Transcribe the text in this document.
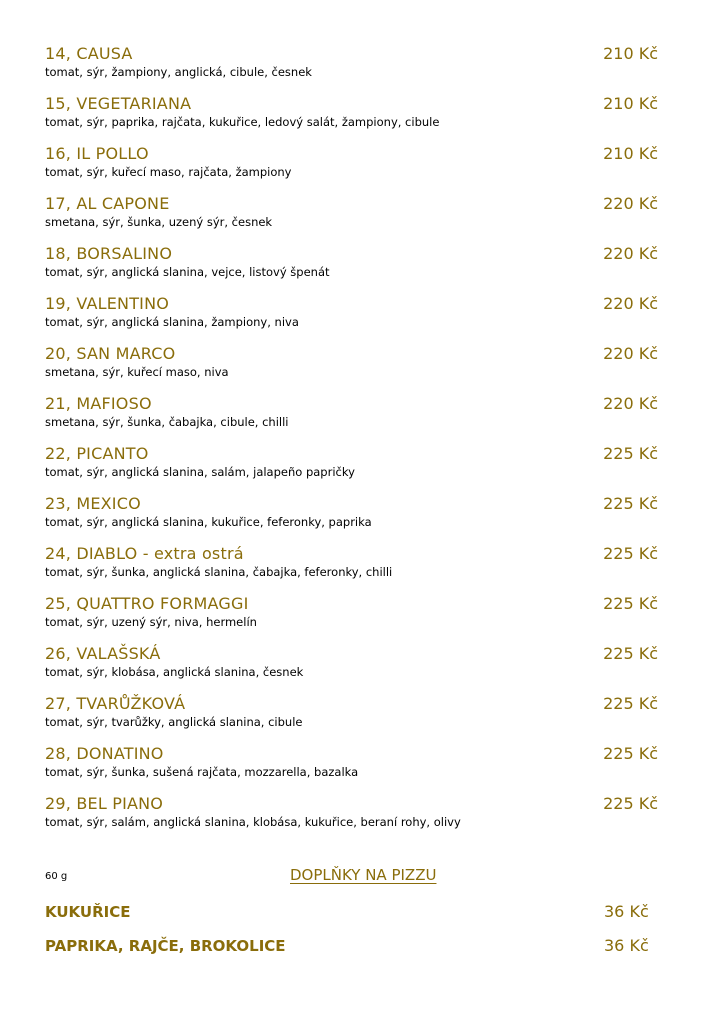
14, CAUSA	210 Kč
tomat, sýr, žampiony, anglická, cibule, česnek
15, VEGETARIANA	210 Kč
tomat, sýr, paprika, rajčata, kukuřice, ledový salát, žampiony, cibule
16, IL POLLO	210 Kč
tomat, sýr, kuřecí maso, rajčata, žampiony
17, AL CAPONE	220 Kč
smetana, sýr, šunka, uzený sýr, česnek
18, BORSALINO	220 Kč
tomat, sýr, anglická slanina, vejce, listový špenát
19, VALENTINO	220 Kč
tomat, sýr, anglická slanina, žampiony, niva
20, SAN MARCO	220 Kč
smetana, sýr, kuřecí maso, niva
21, MAFIOSO	220 Kč
smetana, sýr, šunka, čabajka, cibule, chilli
22, PICANTO	225 Kč
tomat, sýr, anglická slanina, salám, jalapeño papričky
23, MEXICO	225 Kč
tomat, sýr, anglická slanina, kukuřice, feferonky, paprika
24, DIABLO - extra ostrá	225 Kč
tomat, sýr, šunka, anglická slanina, čabajka, feferonky, chilli
25, QUATTRO FORMAGGI	225 Kč
tomat, sýr, uzený sýr, niva, hermelín
26, VALAŠSKÁ	225 Kč
tomat, sýr, klobása, anglická slanina, česnek
27, TVARŮŽKOVÁ	225 Kč
tomat, sýr, tvarůžky, anglická slanina, cibule
28, DONATINO	225 Kč
tomat, sýr, šunka, sušená rajčata, mozzarella, bazalka
29, BEL PIANO	225 Kč
tomat, sýr, salám, anglická slanina, klobása, kukuřice, beraní rohy, olivy
60 g	DOPLŇKY NA PIZZU
KUKUŘICE	36 Kč
PAPRIKA, RAJČE, BROKOLICE	36 Kč
